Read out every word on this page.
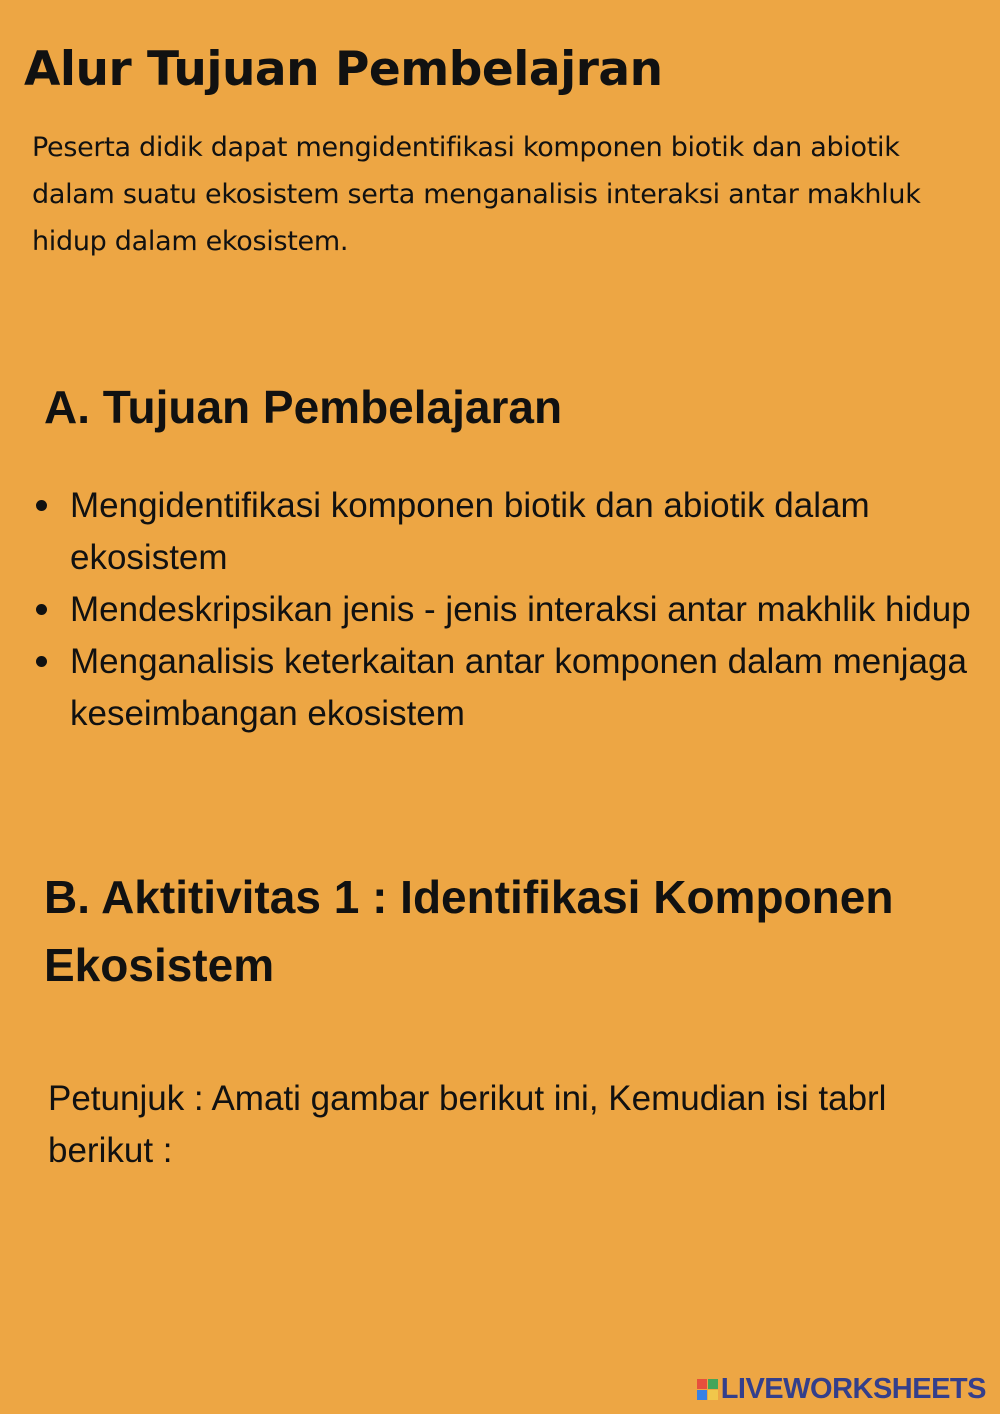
Alur Tujuan Pembelajran

Peserta didik dapat mengidentifikasi komponen biotik dan abiotik dalam suatu ekosistem serta menganalisis interaksi antar makhluk hidup dalam ekosistem.

A. Tujuan Pembelajaran
Mengidentifikasi komponen biotik dan abiotik dalam ekosistem
Mendeskripsikan jenis - jenis interaksi antar makhlik hidup
Menganalisis keterkaitan antar komponen dalam menjaga keseimbangan ekosistem
B. Aktitivitas 1 : Identifikasi Komponen Ekosistem

Petunjuk : Amati gambar berikut ini, Kemudian isi tabrl berikut :

LIVEWORKSHEETS
